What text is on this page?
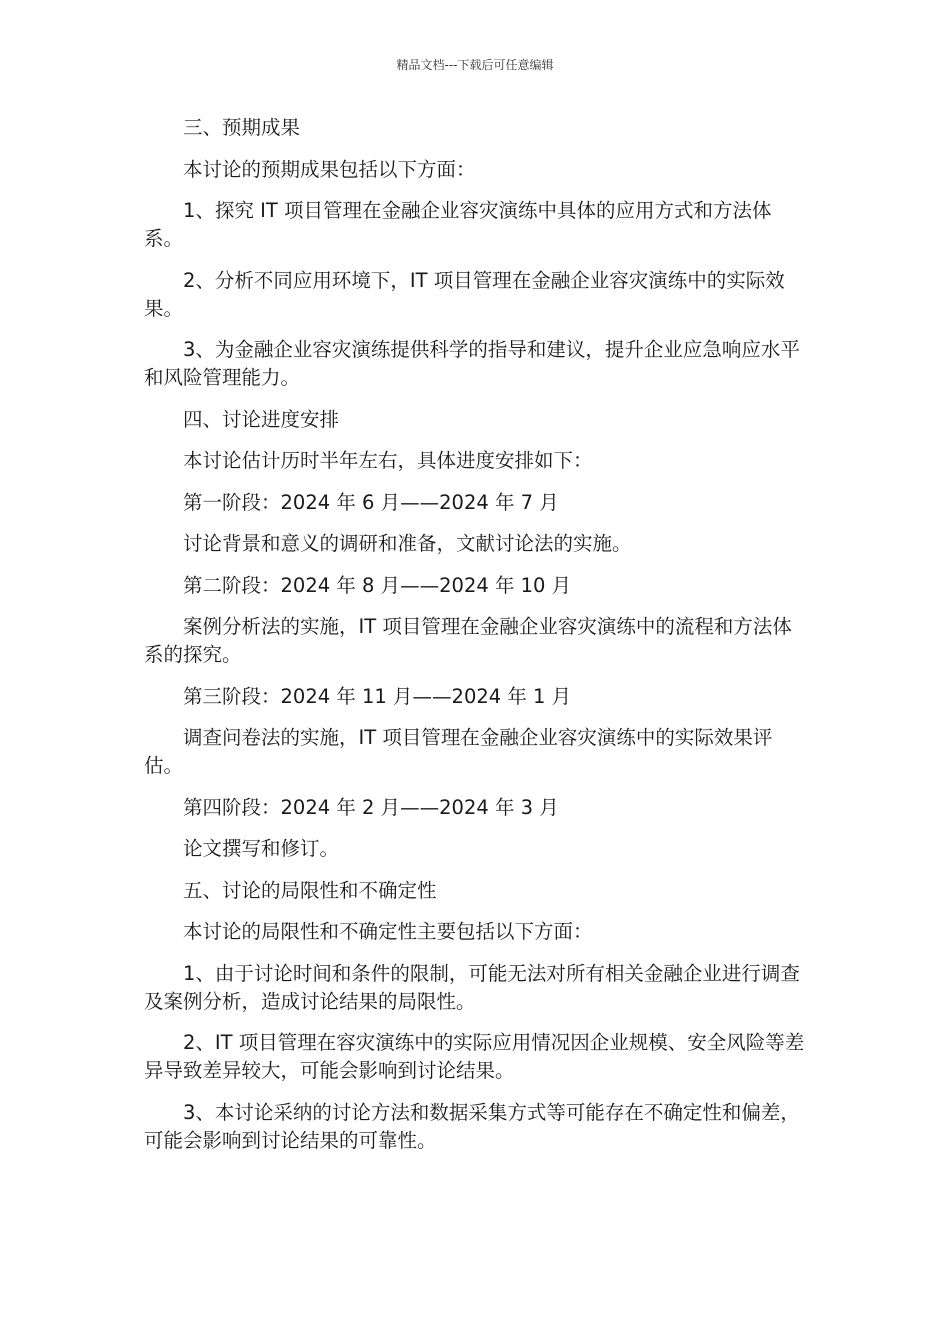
精品文档---下载后可任意编辑

三、预期成果

本讨论的预期成果包括以下方面：

1、探究 IT 项目管理在金融企业容灾演练中具体的应用方式和方法体系。

2、分析不同应用环境下，IT 项目管理在金融企业容灾演练中的实际效果。

3、为金融企业容灾演练提供科学的指导和建议，提升企业应急响应水平和风险管理能力。

四、讨论进度安排

本讨论估计历时半年左右，具体进度安排如下：

第一阶段：2024 年 6 月——2024 年 7 月

讨论背景和意义的调研和准备，文献讨论法的实施。

第二阶段：2024 年 8 月——2024 年 10 月

案例分析法的实施，IT 项目管理在金融企业容灾演练中的流程和方法体系的探究。

第三阶段：2024 年 11 月——2024 年 1 月

调查问卷法的实施，IT 项目管理在金融企业容灾演练中的实际效果评估。

第四阶段：2024 年 2 月——2024 年 3 月

论文撰写和修订。

五、讨论的局限性和不确定性

本讨论的局限性和不确定性主要包括以下方面：

1、由于讨论时间和条件的限制，可能无法对所有相关金融企业进行调查及案例分析，造成讨论结果的局限性。

2、IT 项目管理在容灾演练中的实际应用情况因企业规模、安全风险等差异导致差异较大，可能会影响到讨论结果。

3、本讨论采纳的讨论方法和数据采集方式等可能存在不确定性和偏差，可能会影响到讨论结果的可靠性。
